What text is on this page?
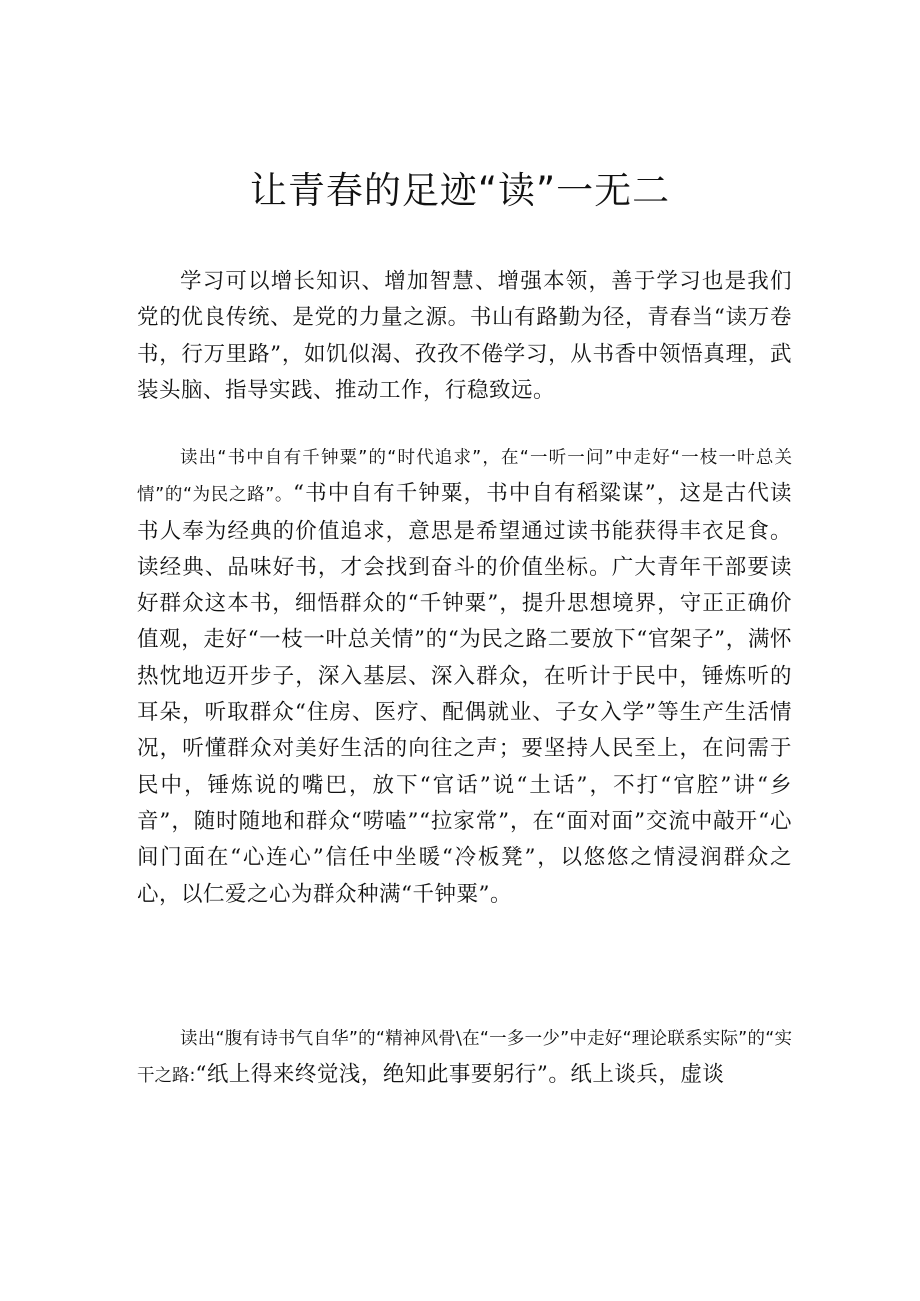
让青春的足迹“读”一无二

学习可以增长知识、增加智慧、增强本领，善于学习也是我们党的优良传统、是党的力量之源。书山有路勤为径，青春当“读万卷书，行万里路”，如饥似渴、孜孜不倦学习，从书香中领悟真理，武装头脑、指导实践、推动工作，行稳致远。

读出“书中自有千钟粟”的“时代追求”，在“一听一问”中走好“一枝一叶总关情”的“为民之路”。“书中自有千钟粟，书中自有稻粱谋”，这是古代读书人奉为经典的价值追求，意思是希望通过读书能获得丰衣足食。读经典、品味好书，才会找到奋斗的价值坐标。广大青年干部要读好群众这本书，细悟群众的“千钟粟”，提升思想境界，守正正确价值观，走好“一枝一叶总关情”的“为民之路二要放下“官架子”，满怀热忱地迈开步子，深入基层、深入群众，在听计于民中，锤炼听的耳朵，听取群众“住房、医疗、配偶就业、子女入学”等生产生活情况，听懂群众对美好生活的向往之声；要坚持人民至上，在问需于民中，锤炼说的嘴巴，放下“官话”说“土话”，不打“官腔”讲“乡音”，随时随地和群众“唠嗑”“拉家常”，在“面对面”交流中敲开“心间门面在“心连心”信任中坐暖“冷板凳”，以悠悠之情浸润群众之心，以仁爱之心为群众种满“千钟粟”。

读出“腹有诗书气自华”的“精神风骨\在“一多一少”中走好“理论联系实际”的“实干之路:“纸上得来终觉浅，绝知此事要躬行”。纸上谈兵，虚谈
